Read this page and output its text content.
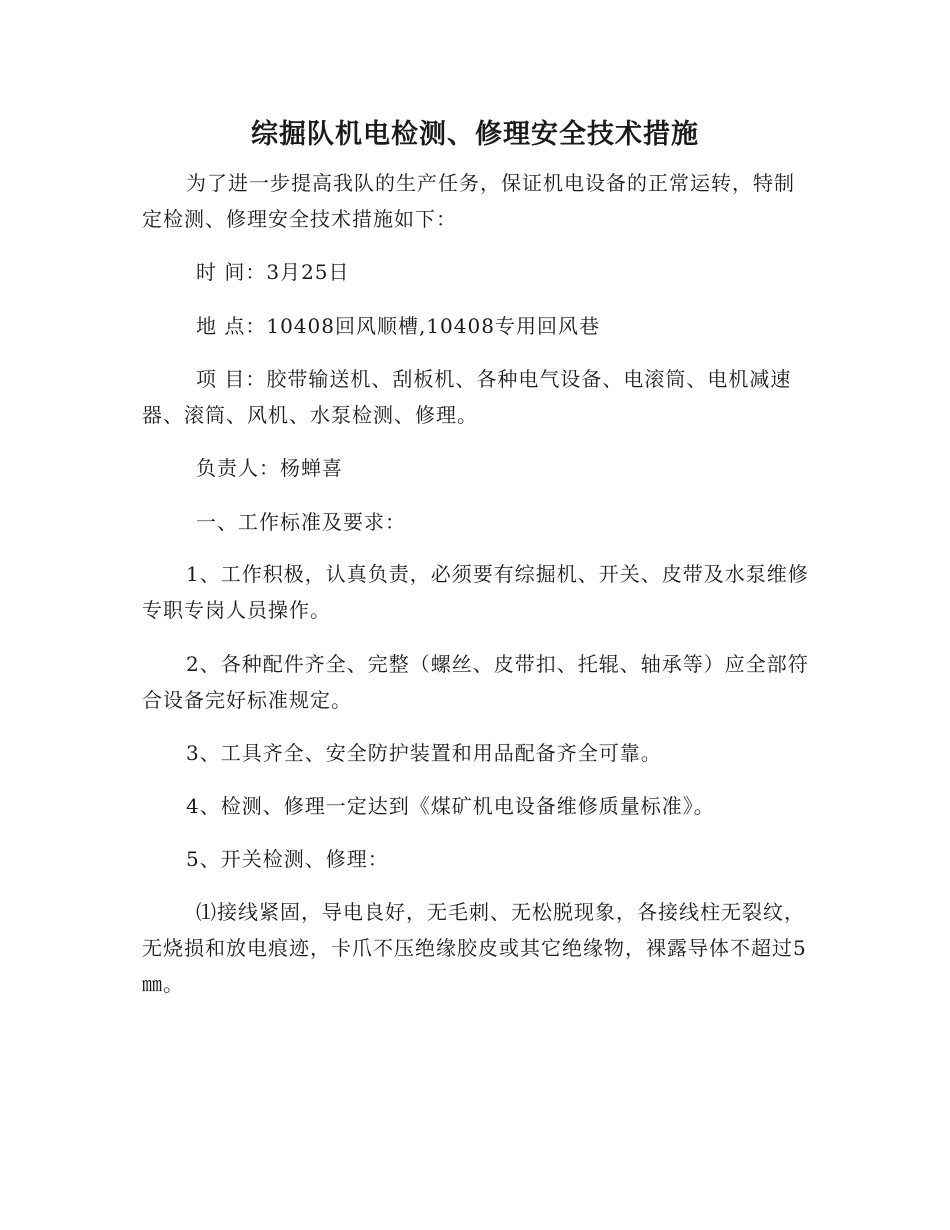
综掘队机电检测、修理安全技术措施

为了进一步提高我队的生产任务，保证机电设备的正常运转，特制定检测、修理安全技术措施如下：

时 间：3月25日

地 点：10408回风顺槽,10408专用回风巷

项 目：胶带输送机、刮板机、各种电气设备、电滚筒、电机减速器、滚筒、风机、水泵检测、修理。

负责人：杨蝉喜

一、工作标准及要求：

1、工作积极，认真负责，必须要有综掘机、开关、皮带及水泵维修专职专岗人员操作。

2、各种配件齐全、完整（螺丝、皮带扣、托辊、轴承等）应全部符合设备完好标准规定。

3、工具齐全、安全防护装置和用品配备齐全可靠。

4、检测、修理一定达到《煤矿机电设备维修质量标准》。

5、开关检测、修理：

⑴接线紧固，导电良好，无毛刺、无松脱现象，各接线柱无裂纹，无烧损和放电痕迹，卡爪不压绝缘胶皮或其它绝缘物，裸露导体不超过5㎜。
